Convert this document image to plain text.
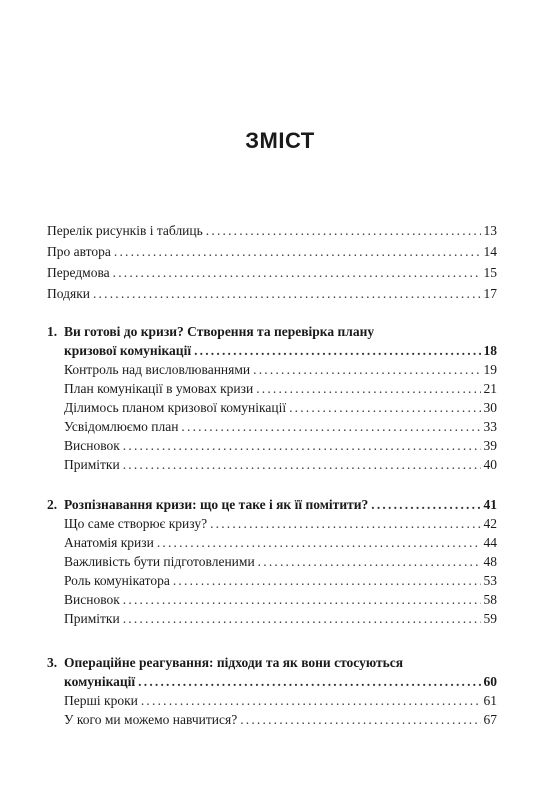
ЗМІСТ
Перелік рисунків і таблиць .....	13
Про автора .....	14
Передмова .....	15
Подяки .....	17
1. Ви готові до кризи? Створення та перевірка плану
кризової комунікації .....	18
Контроль над висловлюваннями .....	19
План комунікації в умовах кризи .....	21
Ділимось планом кризової комунікації .....	30
Усвідомлюємо план .....	33
Висновок .....	39
Примітки .....	40
2. Розпізнавання кризи: що це таке і як її помітити? .....	41
Що саме створює кризу? .....	42
Анатомія кризи .....	44
Важливість бути підготовленими .....	48
Роль комунікатора .....	53
Висновок .....	58
Примітки .....	59
3. Операційне реагування: підходи та як вони стосуються
комунікації .....	60
Перші кроки .....	61
У кого ми можемо навчитися? .....	67
